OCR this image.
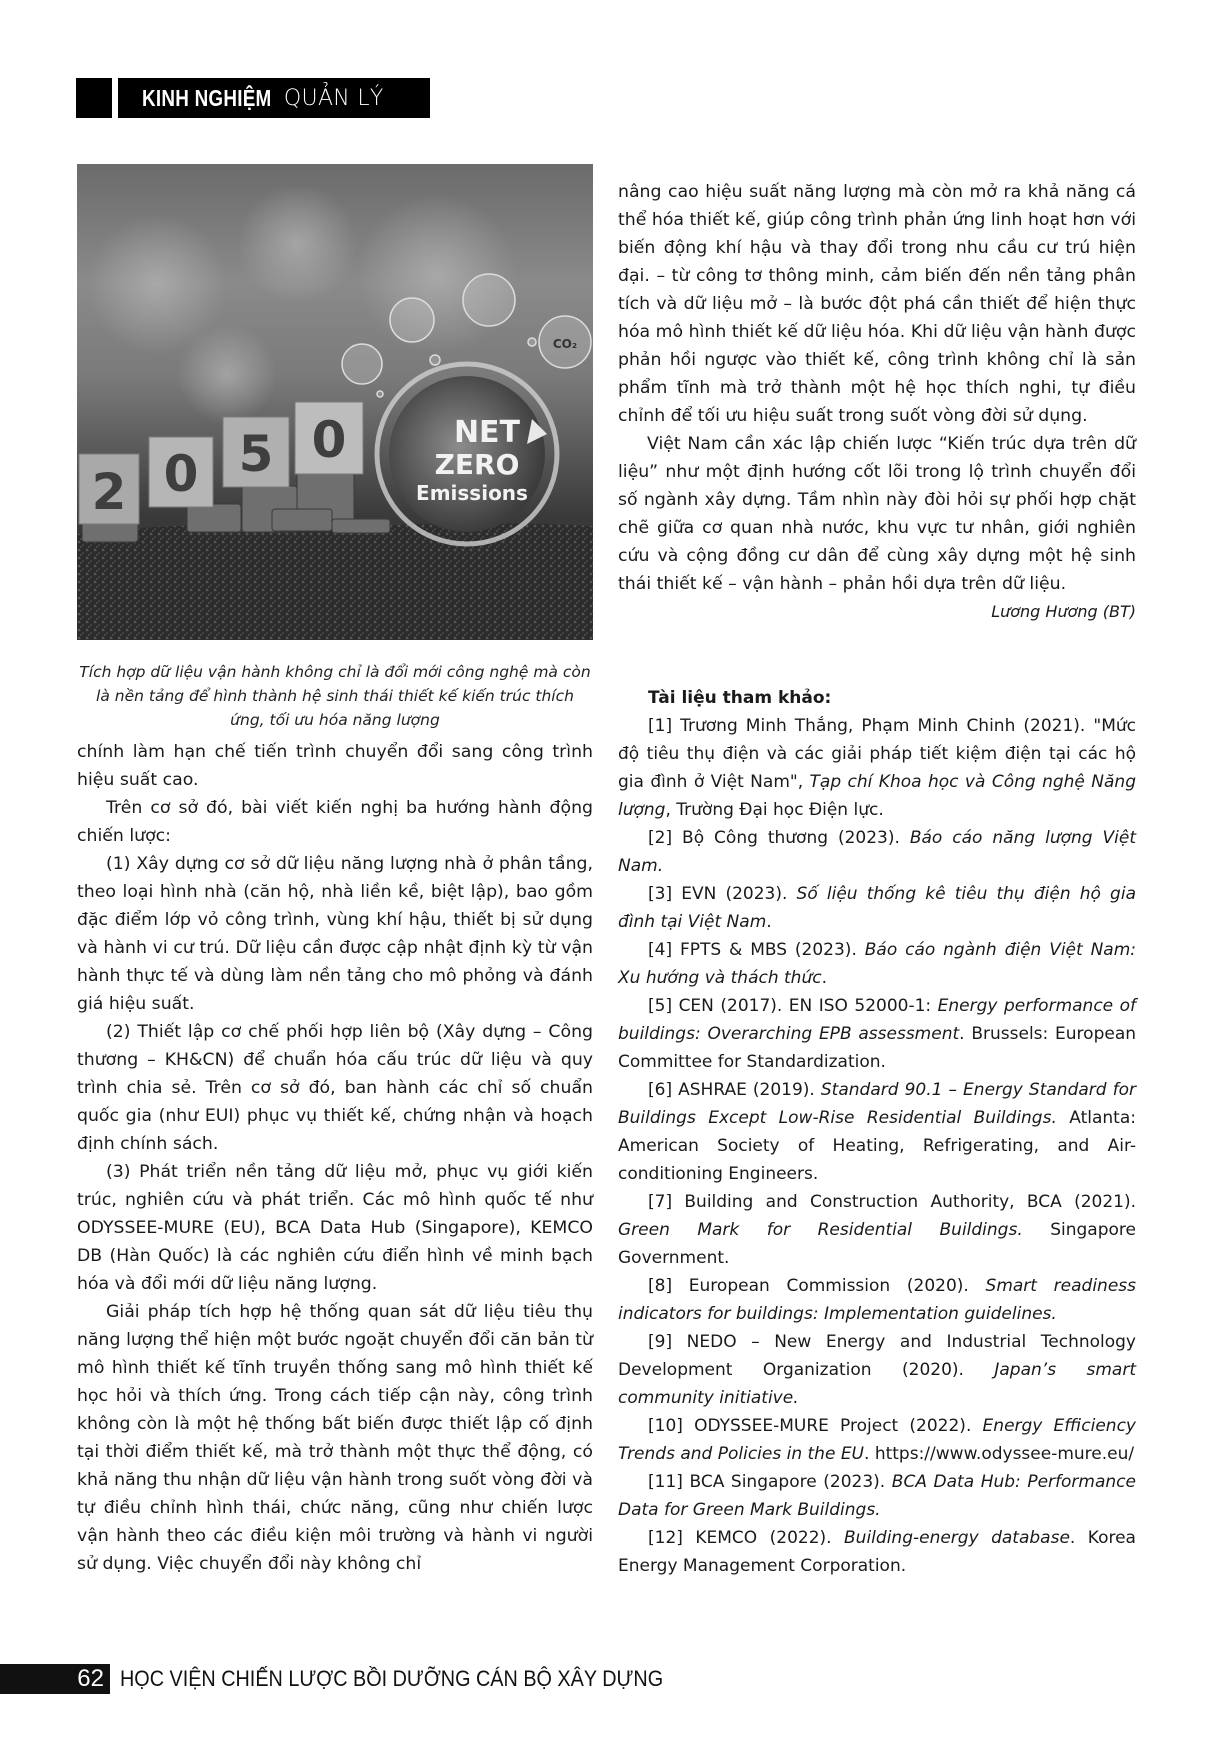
KINH NGHIỆM QUẢN LÝ
2 0 5 0	NET
ZERO
Emissions
CO₂
Tích hợp dữ liệu vận hành không chỉ là đổi mới công nghệ mà còn là nền tảng để hình thành hệ sinh thái thiết kế kiến trúc thích ứng, tối ưu hóa năng lượng

chính làm hạn chế tiến trình chuyển đổi sang công trình hiệu suất cao.

Trên cơ sở đó, bài viết kiến nghị ba hướng hành động chiến lược:

(1) Xây dựng cơ sở dữ liệu năng lượng nhà ở phân tầng, theo loại hình nhà (căn hộ, nhà liền kề, biệt lập), bao gồm đặc điểm lớp vỏ công trình, vùng khí hậu, thiết bị sử dụng và hành vi cư trú. Dữ liệu cần được cập nhật định kỳ từ vận hành thực tế và dùng làm nền tảng cho mô phỏng và đánh giá hiệu suất.

(2) Thiết lập cơ chế phối hợp liên bộ (Xây dựng – Công thương – KH&CN) để chuẩn hóa cấu trúc dữ liệu và quy trình chia sẻ. Trên cơ sở đó, ban hành các chỉ số chuẩn quốc gia (như EUI) phục vụ thiết kế, chứng nhận và hoạch định chính sách.

(3) Phát triển nền tảng dữ liệu mở, phục vụ giới kiến trúc, nghiên cứu và phát triển. Các mô hình quốc tế như ODYSSEE-MURE (EU), BCA Data Hub (Singapore), KEMCO DB (Hàn Quốc) là các nghiên cứu điển hình về minh bạch hóa và đổi mới dữ liệu năng lượng.

Giải pháp tích hợp hệ thống quan sát dữ liệu tiêu thụ năng lượng thể hiện một bước ngoặt chuyển đổi căn bản từ mô hình thiết kế tĩnh truyền thống sang mô hình thiết kế học hỏi và thích ứng. Trong cách tiếp cận này, công trình không còn là một hệ thống bất biến được thiết lập cố định tại thời điểm thiết kế, mà trở thành một thực thể động, có khả năng thu nhận dữ liệu vận hành trong suốt vòng đời và tự điều chỉnh hình thái, chức năng, cũng như chiến lược vận hành theo các điều kiện môi trường và hành vi người sử dụng. Việc chuyển đổi này không chỉ

nâng cao hiệu suất năng lượng mà còn mở ra khả năng cá thể hóa thiết kế, giúp công trình phản ứng linh hoạt hơn với biến động khí hậu và thay đổi trong nhu cầu cư trú hiện đại. – từ công tơ thông minh, cảm biến đến nền tảng phân tích và dữ liệu mở – là bước đột phá cần thiết để hiện thực hóa mô hình thiết kế dữ liệu hóa. Khi dữ liệu vận hành được phản hồi ngược vào thiết kế, công trình không chỉ là sản phẩm tĩnh mà trở thành một hệ học thích nghi, tự điều chỉnh để tối ưu hiệu suất trong suốt vòng đời sử dụng.

Việt Nam cần xác lập chiến lược “Kiến trúc dựa trên dữ liệu” như một định hướng cốt lõi trong lộ trình chuyển đổi số ngành xây dựng. Tầm nhìn này đòi hỏi sự phối hợp chặt chẽ giữa cơ quan nhà nước, khu vực tư nhân, giới nghiên cứu và cộng đồng cư dân để cùng xây dựng một hệ sinh thái thiết kế – vận hành – phản hồi dựa trên dữ liệu.

Lương Hương (BT)

Tài liệu tham khảo:

[1] Trương Minh Thắng, Phạm Minh Chinh (2021). "Mức độ tiêu thụ điện và các giải pháp tiết kiệm điện tại các hộ gia đình ở Việt Nam", Tạp chí Khoa học và Công nghệ Năng lượng, Trường Đại học Điện lực.

[2] Bộ Công thương (2023). Báo cáo năng lượng Việt Nam.

[3] EVN (2023). Số liệu thống kê tiêu thụ điện hộ gia đình tại Việt Nam.

[4] FPTS & MBS (2023). Báo cáo ngành điện Việt Nam: Xu hướng và thách thức.

[5] CEN (2017). EN ISO 52000-1: Energy performance of buildings: Overarching EPB assessment. Brussels: European Committee for Standardization.

[6] ASHRAE (2019). Standard 90.1 – Energy Standard for Buildings Except Low-Rise Residential Buildings. Atlanta: American Society of Heating, Refrigerating, and Air-conditioning Engineers.

[7] Building and Construction Authority, BCA (2021). Green Mark for Residential Buildings. Singapore Government.

[8] European Commission (2020). Smart readiness indicators for buildings: Implementation guidelines.

[9] NEDO – New Energy and Industrial Technology Development Organization (2020). Japan’s smart community initiative.

[10] ODYSSEE-MURE Project (2022). Energy Efficiency Trends and Policies in the EU. https://www.odyssee-mure.eu/

[11] BCA Singapore (2023). BCA Data Hub: Performance Data for Green Mark Buildings.

[12] KEMCO (2022). Building-energy database. Korea Energy Management Corporation.

62 HỌC VIỆN CHIẾN LƯỢC BỒI DƯỠNG CÁN BỘ XÂY DỰNG
